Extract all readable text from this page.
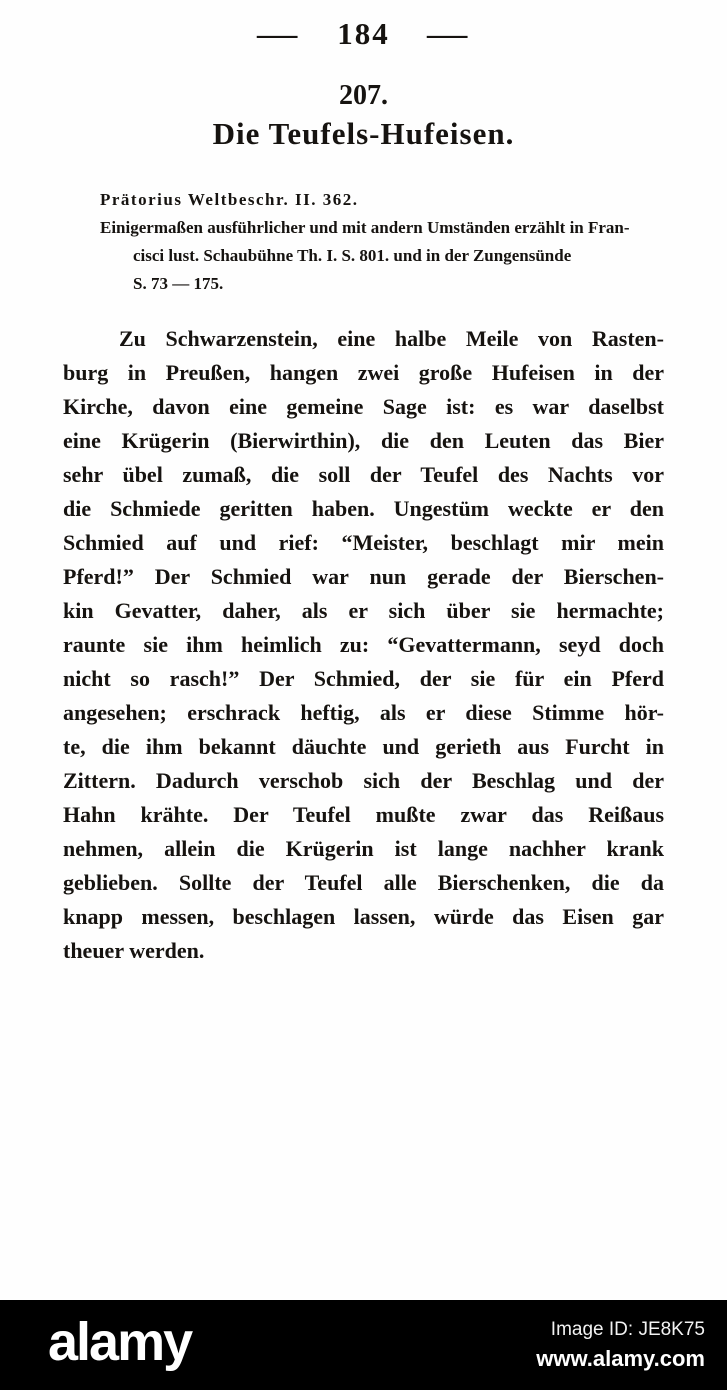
— 184 —
207.
Die Teufels-Hufeisen.
Prätorius Weltbeschr. II. 362.
Einigermaßen ausführlicher und mit andern Umständen erzählt in Fran-
cisci lust. Schaubühne Th. I. S. 801. und in der Zungensünde
S. 73 — 175.
Zu Schwarzenstein, eine halbe Meile von Rasten-
burg in Preußen, hangen zwei große Hufeisen in der
Kirche, davon eine gemeine Sage ist: es war daselbst
eine Krügerin (Bierwirthin), die den Leuten das Bier
sehr übel zumaß, die soll der Teufel des Nachts vor
die Schmiede geritten haben. Ungestüm weckte er den
Schmied auf und rief: “Meister, beschlagt mir mein
Pferd!” Der Schmied war nun gerade der Bierschen-
kin Gevatter, daher, als er sich über sie hermachte;
raunte sie ihm heimlich zu: “Gevattermann, seyd doch
nicht so rasch!” Der Schmied, der sie für ein Pferd
angesehen; erschrack heftig, als er diese Stimme hör-
te, die ihm bekannt däuchte und gerieth aus Furcht in
Zittern. Dadurch verschob sich der Beschlag und der
Hahn krähte. Der Teufel mußte zwar das Reißaus
nehmen, allein die Krügerin ist lange nachher krank
geblieben. Sollte der Teufel alle Bierschenken, die da
knapp messen, beschlagen lassen, würde das Eisen gar
theuer werden.
alamy	Image ID: JE8K75
www.alamy.com
